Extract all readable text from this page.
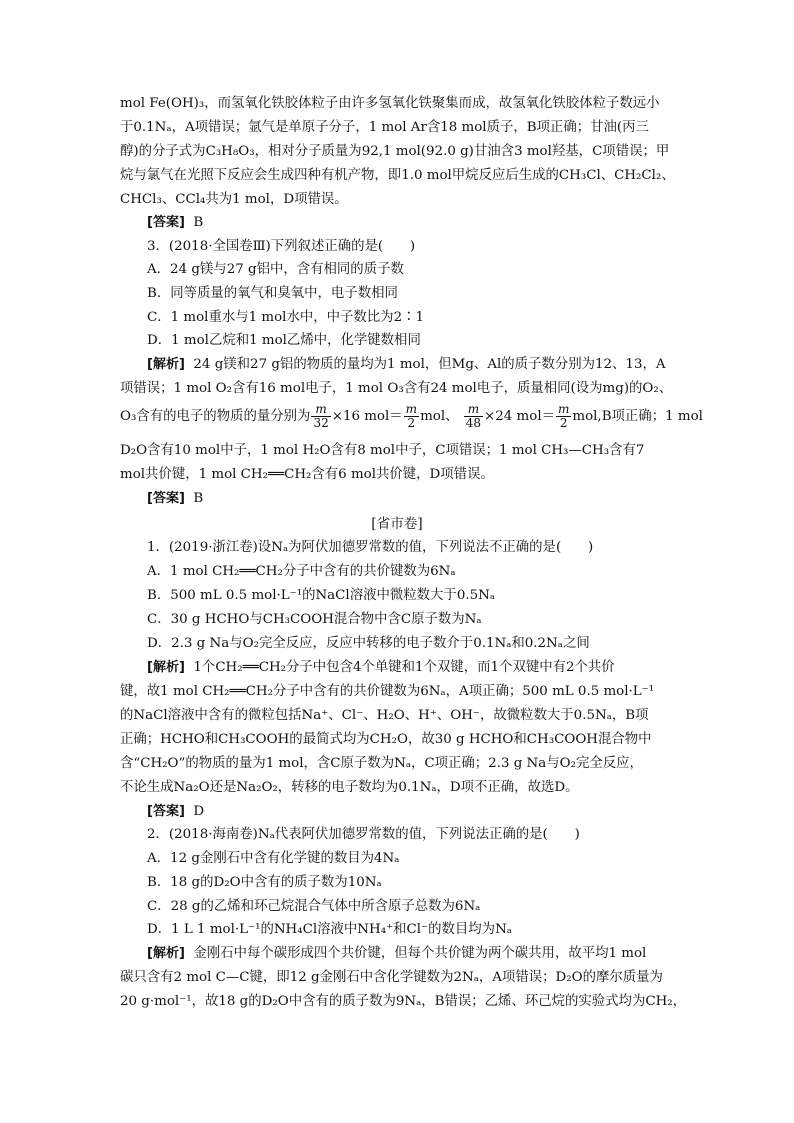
mol Fe(OH)₃，而氢氧化铁胶体粒子由许多氢氧化铁聚集而成，故氢氧化铁胶体粒子数远小
于0.1Nₐ，A项错误；氩气是单原子分子，1 mol Ar含18 mol质子，B项正确；甘油(丙三
醇)的分子式为C₃H₈O₃，相对分子质量为92,1 mol(92.0 g)甘油含3 mol羟基，C项错误；甲
烷与氯气在光照下反应会生成四种有机产物，即1.0 mol甲烷反应后生成的CH₃Cl、CH₂Cl₂、
CHCl₃、CCl₄共为1 mol，D项错误。
[答案] B
3．(2018·全国卷Ⅲ)下列叙述正确的是(　　)
A．24 g镁与27 g铝中，含有相同的质子数
B．同等质量的氧气和臭氧中，电子数相同
C．1 mol重水与1 mol水中，中子数比为2∶1
D．1 mol乙烷和1 mol乙烯中，化学键数相同
[解析] 24 g镁和27 g铝的物质的量均为1 mol，但Mg、Al的质子数分别为12、13，A
项错误；1 mol O₂含有16 mol电子，1 mol O₃含有24 mol电子，质量相同(设为mg)的O₂、
O₃含有的电子的物质的量分别为 $\frac{m}{32} \times 16$ $mol= \frac{m}{2}$ mol、 $\frac{m}{48} \times 24$ $mol= \frac{m}{2} mol,B$项正确；1 mol
D₂O含有10 mol中子，1 mol H₂O含有8 mol中子，C项错误；1 mol CH₃—CH₃含有7
mol共价键，1 mol CH₂══CH₂含有6 mol共价键，D项错误。
[答案] B
[省市卷]
1．(2019·浙江卷)设Nₐ为阿伏加德罗常数的值，下列说法不正确的是(　　)
A．1 mol CH₂══CH₂分子中含有的共价键数为6Nₐ
B．500 mL 0.5 mol·L⁻¹的NaCl溶液中微粒数大于0.5Nₐ
C．30 g HCHO与CH₃COOH混合物中含C原子数为Nₐ
D．2.3 g Na与O₂完全反应，反应中转移的电子数介于0.1Nₐ和0.2Nₐ之间
[解析] 1个CH₂══CH₂分子中包含4个单键和1个双键，而1个双键中有2个共价
键，故1 mol CH₂══CH₂分子中含有的共价键数为6Nₐ，A项正确；500 mL 0.5 mol·L⁻¹
的NaCl溶液中含有的微粒包括Na⁺、Cl⁻、H₂O、H⁺、OH⁻，故微粒数大于0.5Nₐ，B项
正确；HCHO和CH₃COOH的最简式均为CH₂O，故30 g HCHO和CH₃COOH混合物中
含“CH₂O”的物质的量为1 mol，含C原子数为Nₐ，C项正确；2.3 g Na与O₂完全反应，
不论生成Na₂O还是Na₂O₂，转移的电子数均为0.1Nₐ，D项不正确，故选D。
[答案] D
2．(2018·海南卷)Nₐ代表阿伏加德罗常数的值，下列说法正确的是(　　)
A．12 g金刚石中含有化学键的数目为4Nₐ
B．18 g的D₂O中含有的质子数为10Nₐ
C．28 g的乙烯和环己烷混合气体中所含原子总数为6Nₐ
D．1 L 1 mol·L⁻¹的NH₄Cl溶液中NH₄⁺和Cl⁻的数目均为Nₐ
[解析] 金刚石中每个碳形成四个共价键，但每个共价键为两个碳共用，故平均1 mol
碳只含有2 mol C—C键，即12 g金刚石中含化学键数为2Nₐ，A项错误；D₂O的摩尔质量为
20 g·mol⁻¹，故18 g的D₂O中含有的质子数为9Nₐ，B错误；乙烯、环己烷的实验式均为CH₂，
